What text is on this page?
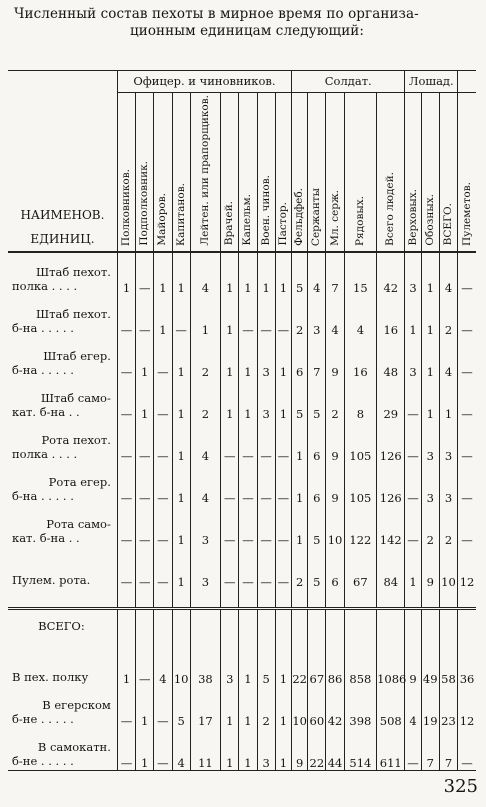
Численный состав пехоты в мирное время по организа-
ционным единицам следующий:
	Офицер. и чиновников.									Солдат.					Лошад.			

НАИМЕНОВ.
ЕДИНИЦ.	Полковников.	Подполковник.	Майоров.	Капитанов.	Лейтен. или прапорщиков.	Врачей.	Капельм.	Воен. чинов.	Пастор.	Фельдфеб.	Сержанты	Мл. серж.	Рядовых.	Всего людей.	Верховых.	Обозных.	ВСЕГО.	Пулеметов.

Штаб пехот.
полка . . . .	1	—	1	1	4	1	1	1	1	5	4	7	15	42	3	1	4	—

Штаб пехот.
б-на . . . . .	—	—	1	—	1	1	—	—	—	2	3	4	4	16	1	1	2	—

Штаб егер.
б-на . . . . .	—	1	—	1	2	1	1	3	1	6	7	9	16	48	3	1	4	—

Штаб само-
кат. б-на . .	—	1	—	1	2	1	1	3	1	5	5	2	8	29	—	1	1	—

Рота пехот.
полка . . . .	—	—	—	1	4	—	—	—	—	1	6	9	105	126	—	3	3	—

Рота егер.
б-на . . . . .	—	—	—	1	4	—	—	—	—	1	6	9	105	126	—	3	3	—

Рота само-
кат. б-на . .	—	—	—	1	3	—	—	—	—	1	5	10	122	142	—	2	2	—

Пулем. рота.	—	—	—	1	3	—	—	—	—	2	5	6	67	84	1	9	10	12

ВСЕГО:																		

В пех. полку	1	—	4	10	38	3	1	5	1	22	67	86	858	1086	9	49	58	36

В егерском
б-не . . . . .	—	1	—	5	17	1	1	2	1	10	60	42	398	508	4	19	23	12

В самокатн.
б-не . . . . .	—	1	—	4	11	1	1	3	1	9	22	44	514	611	—	7	7	—
325
